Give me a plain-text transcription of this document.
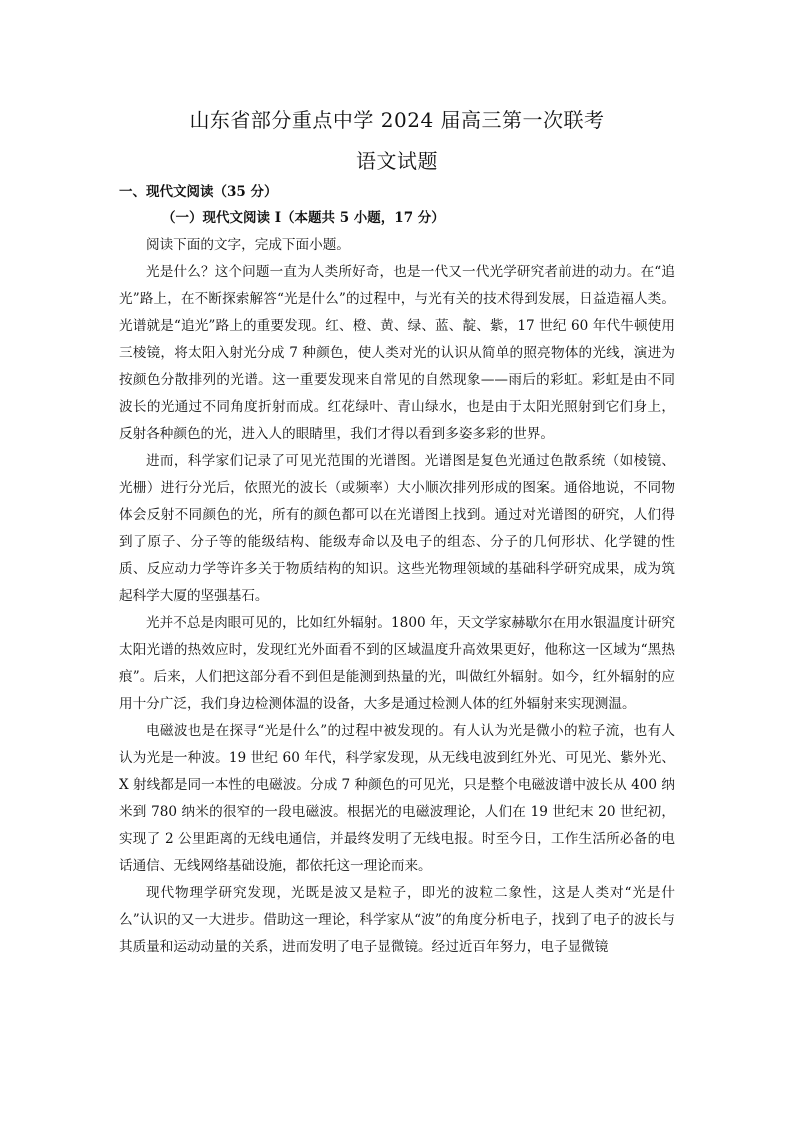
山东省部分重点中学 2024 届高三第一次联考
语文试题
一、现代文阅读（35 分）
（一）现代文阅读 I（本题共 5 小题，17 分）

阅读下面的文字，完成下面小题。

光是什么？这个问题一直为人类所好奇，也是一代又一代光学研究者前进的动力。在“追光”路上，在不断探索解答“光是什么”的过程中，与光有关的技术得到发展，日益造福人类。光谱就是“追光”路上的重要发现。红、橙、黄、绿、蓝、靛、紫，17 世纪 60 年代牛顿使用三棱镜，将太阳入射光分成 7 种颜色，使人类对光的认识从简单的照亮物体的光线，演进为按颜色分散排列的光谱。这一重要发现来自常见的自然现象——雨后的彩虹。彩虹是由不同波长的光通过不同角度折射而成。红花绿叶、青山绿水，也是由于太阳光照射到它们身上，反射各种颜色的光，进入人的眼睛里，我们才得以看到多姿多彩的世界。

进而，科学家们记录了可见光范围的光谱图。光谱图是复色光通过色散系统（如棱镜、光栅）进行分光后，依照光的波长（或频率）大小顺次排列形成的图案。通俗地说，不同物体会反射不同颜色的光，所有的颜色都可以在光谱图上找到。通过对光谱图的研究，人们得到了原子、分子等的能级结构、能级寿命以及电子的组态、分子的几何形状、化学键的性质、反应动力学等许多关于物质结构的知识。这些光物理领域的基础科学研究成果，成为筑起科学大厦的坚强基石。

光并不总是肉眼可见的，比如红外辐射。1800 年，天文学家赫歇尔在用水银温度计研究太阳光谱的热效应时，发现红光外面看不到的区域温度升高效果更好，他称这一区域为“黑热痕”。后来，人们把这部分看不到但是能测到热量的光，叫做红外辐射。如今，红外辐射的应用十分广泛，我们身边检测体温的设备，大多是通过检测人体的红外辐射来实现测温。

电磁波也是在探寻“光是什么”的过程中被发现的。有人认为光是微小的粒子流，也有人认为光是一种波。19 世纪 60 年代，科学家发现，从无线电波到红外光、可见光、紫外光、X 射线都是同一本性的电磁波。分成 7 种颜色的可见光，只是整个电磁波谱中波长从 400 纳米到 780 纳米的很窄的一段电磁波。根据光的电磁波理论，人们在 19 世纪末 20 世纪初，实现了 2 公里距离的无线电通信，并最终发明了无线电报。时至今日，工作生活所必备的电话通信、无线网络基础设施，都依托这一理论而来。

现代物理学研究发现，光既是波又是粒子，即光的波粒二象性，这是人类对“光是什么”认识的又一大进步。借助这一理论，科学家从“波”的角度分析电子，找到了电子的波长与其质量和运动动量的关系，进而发明了电子显微镜。经过近百年努力，电子显微镜
